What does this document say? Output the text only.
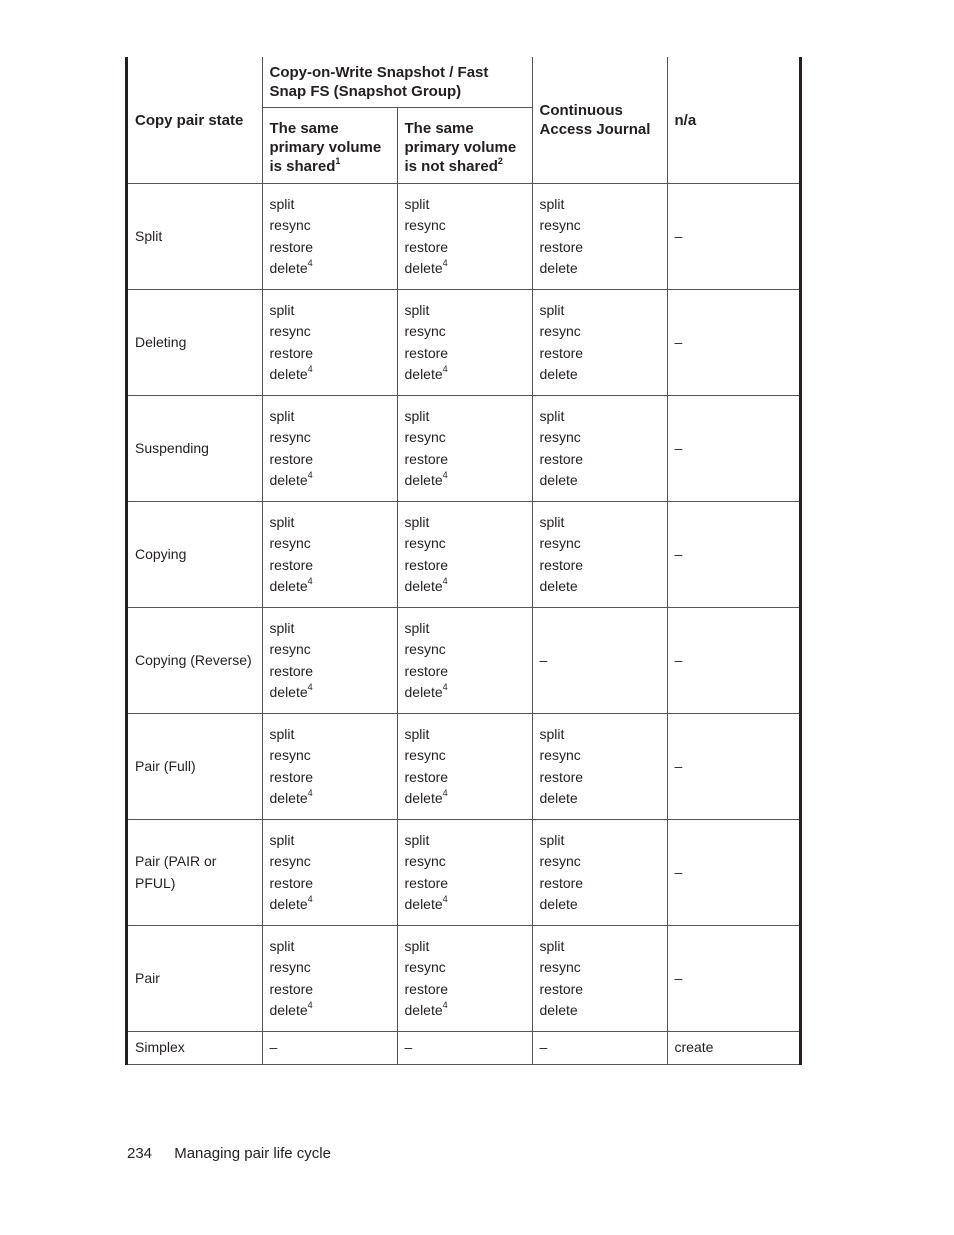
Copy pair state	Copy-on-Write Snapshot / Fast Snap FS (Snapshot Group)		Continuous Access Journal	n/a
	The same primary volume is shared$^1$	The same primary volume is not shared$^2$
Split	split
resync
restore
delete$^4$	split
resync
restore
delete$^4$	split
resync
restore
delete	–
Deleting	split
resync
restore
delete$^4$	split
resync
restore
delete$^4$	split
resync
restore
delete	–
Suspending	split
resync
restore
delete$^4$	split
resync
restore
delete$^4$	split
resync
restore
delete	–
Copying	split
resync
restore
delete$^4$	split
resync
restore
delete$^4$	split
resync
restore
delete	–
Copying (Reverse)	split
resync
restore
delete$^4$	split
resync
restore
delete$^4$	–	–
Pair (Full)	split
resync
restore
delete$^4$	split
resync
restore
delete$^4$	split
resync
restore
delete	–
Pair (PAIR or PFUL)	split
resync
restore
delete$^4$	split
resync
restore
delete$^4$	split
resync
restore
delete	–
Pair	split
resync
restore
delete$^4$	split
resync
restore
delete$^4$	split
resync
restore
delete	–
Simplex	–	–	–	create
234 Managing pair life cycle
